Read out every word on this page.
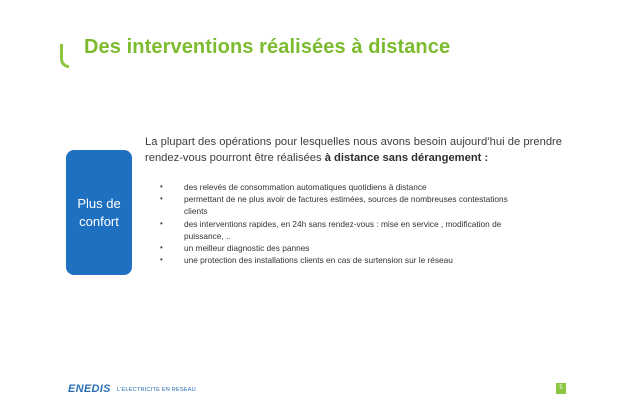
Des interventions réalisées à distance
Plus de
confort

La plupart des opérations pour lesquelles nous avons besoin aujourd’hui de prendre rendez-vous pourront être réalisées à distance sans dérangement :

•	des relevés de consommation automatiques quotidiens à distance
•	permettant de ne plus avoir de factures estimées, sources de nombreuses contestations clients
•	des interventions rapides, en 24h sans rendez-vous : mise en service , modification de puissance, ..
•	un meilleur diagnostic des pannes
•	une protection des installations clients en cas de surtension sur le réseau
ENEDIS L’ELECTRICITE EN RESEAU	5
